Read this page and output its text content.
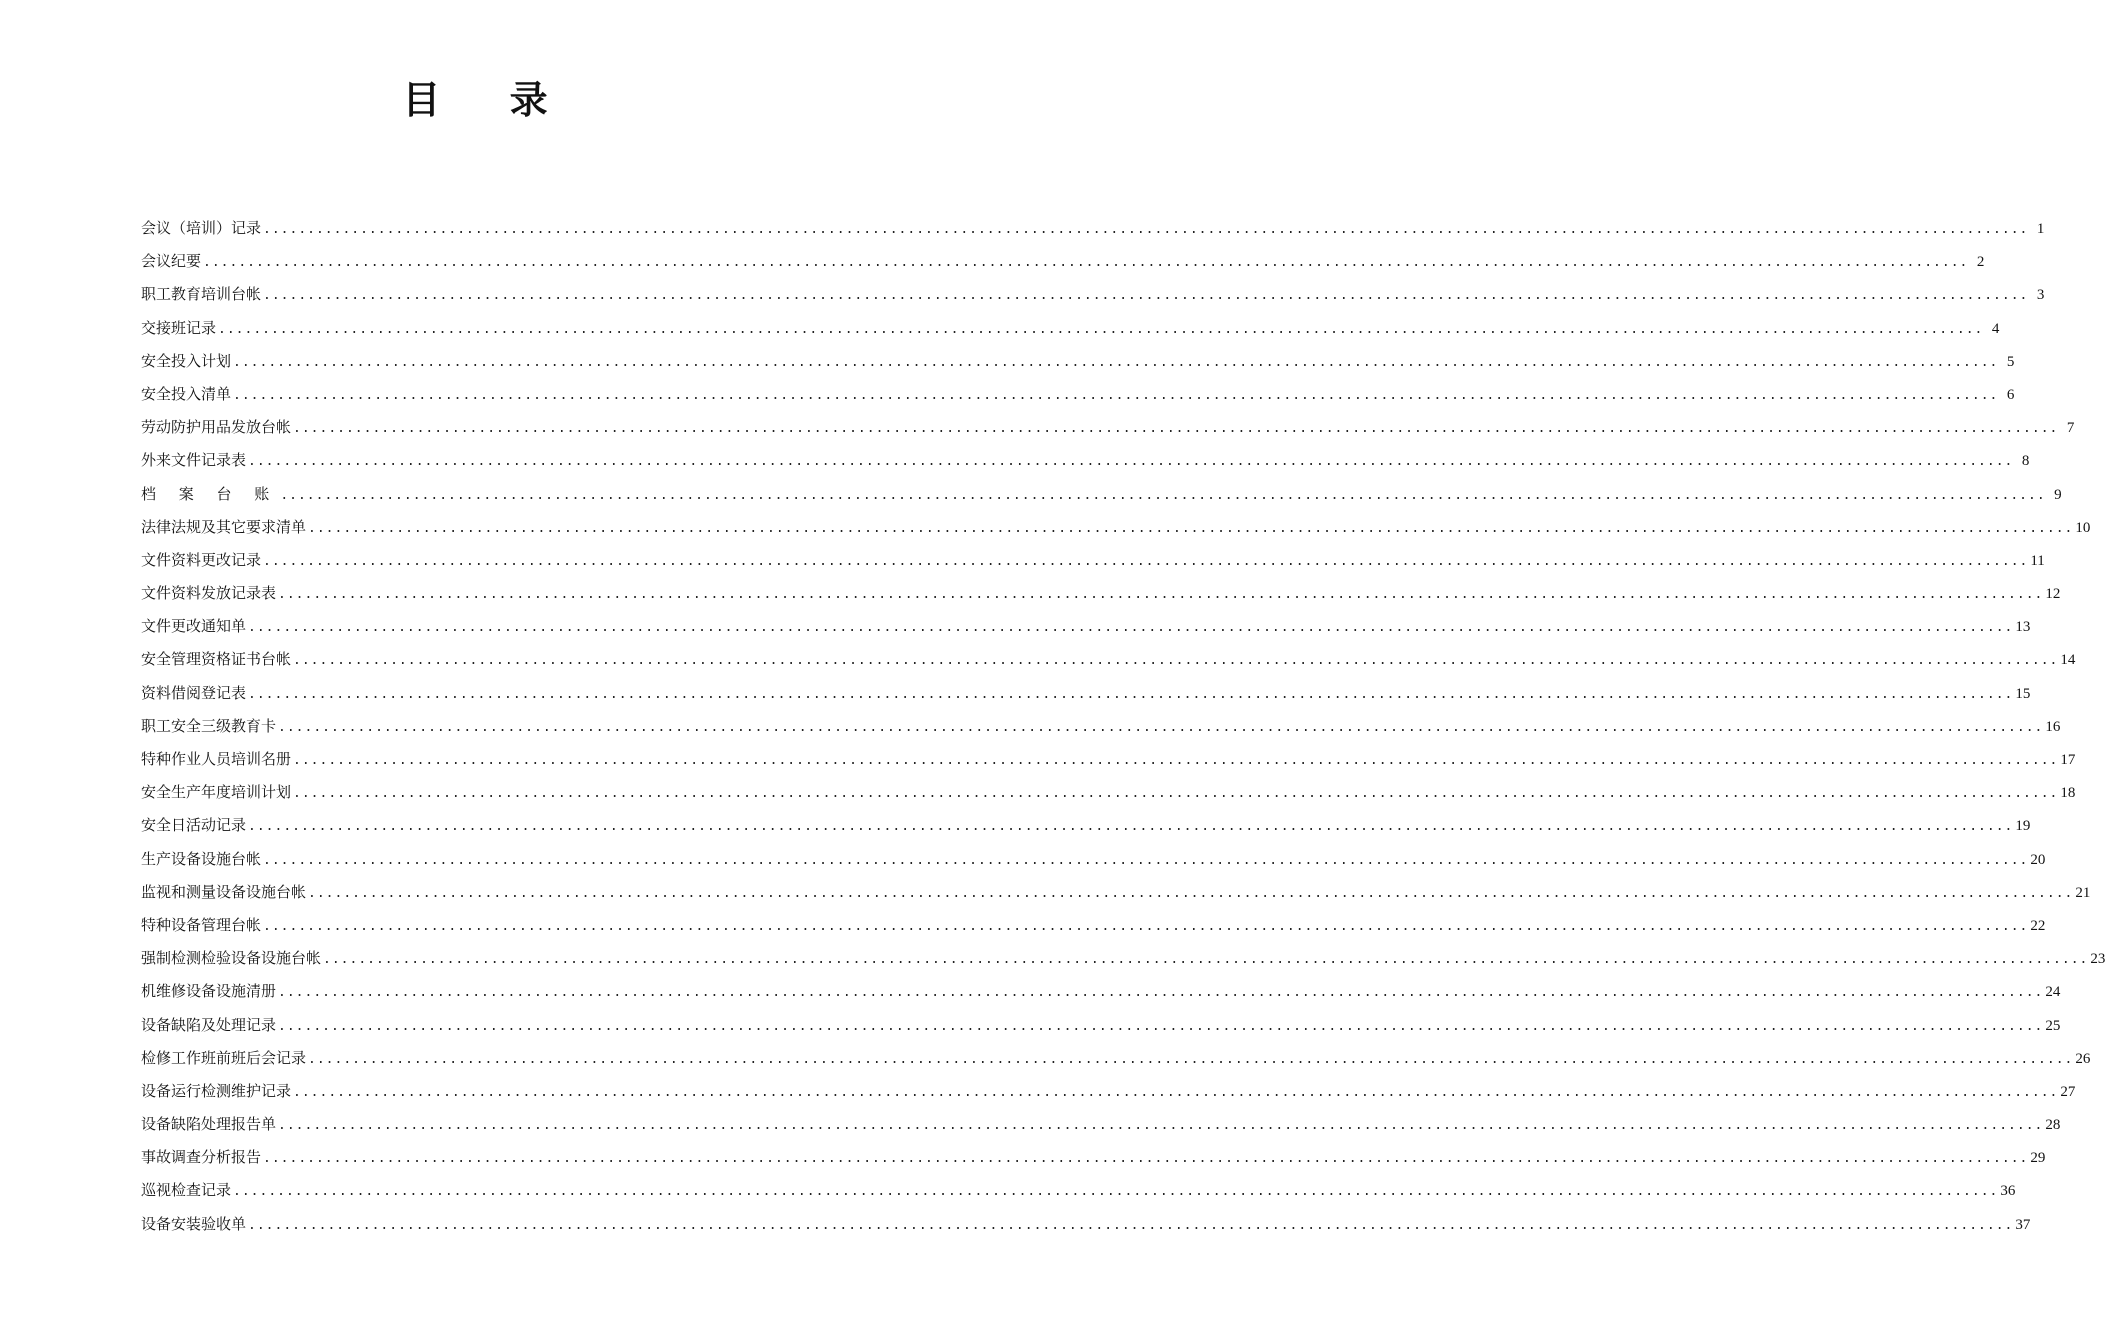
目 录
会议（培训）记录 ........................................................................................................................................................................................................ 1
会议纪要 ........................................................................................................................................................................................................ 2
职工教育培训台帐 ........................................................................................................................................................................................................ 3
交接班记录 ........................................................................................................................................................................................................ 4
安全投入计划 ........................................................................................................................................................................................................ 5
安全投入清单 ........................................................................................................................................................................................................ 6
劳动防护用品发放台帐 ........................................................................................................................................................................................................ 7
外来文件记录表 ........................................................................................................................................................................................................ 8
档 案 台 账 ........................................................................................................................................................................................................ 9
法律法规及其它要求清单 ........................................................................................................................................................................................................ 10
文件资料更改记录 ........................................................................................................................................................................................................ 11
文件资料发放记录表 ........................................................................................................................................................................................................ 12
文件更改通知单 ........................................................................................................................................................................................................ 13
安全管理资格证书台帐 ........................................................................................................................................................................................................ 14
资料借阅登记表 ........................................................................................................................................................................................................ 15
职工安全三级教育卡 ........................................................................................................................................................................................................ 16
特种作业人员培训名册 ........................................................................................................................................................................................................ 17
安全生产年度培训计划 ........................................................................................................................................................................................................ 18
安全日活动记录 ........................................................................................................................................................................................................ 19
生产设备设施台帐 ........................................................................................................................................................................................................ 20
监视和测量设备设施台帐 ........................................................................................................................................................................................................ 21
特种设备管理台帐 ........................................................................................................................................................................................................ 22
强制检测检验设备设施台帐 ........................................................................................................................................................................................................ 23
机维修设备设施清册 ........................................................................................................................................................................................................ 24
设备缺陷及处理记录 ........................................................................................................................................................................................................ 25
检修工作班前班后会记录 ........................................................................................................................................................................................................ 26
设备运行检测维护记录 ........................................................................................................................................................................................................ 27
设备缺陷处理报告单 ........................................................................................................................................................................................................ 28
事故调查分析报告 ........................................................................................................................................................................................................ 29
巡视检查记录 ........................................................................................................................................................................................................ 36
设备安装验收单 ........................................................................................................................................................................................................ 37
